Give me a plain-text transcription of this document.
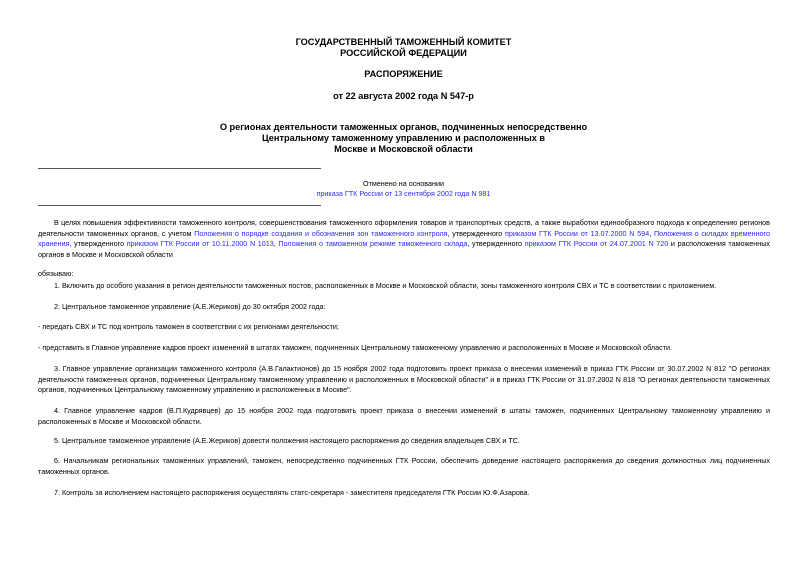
ГОСУДАРСТВЕННЫЙ ТАМОЖЕННЫЙ КОМИТЕТ
РОССИЙСКОЙ ФЕДЕРАЦИИ
РАСПОРЯЖЕНИЕ
от 22 августа 2002 года N 547-р
О регионах деятельности таможенных органов, подчиненных непосредственно
Центральному таможенному управлению и расположенных в
Москве и Московской области
Отменено на основании
приказа ГТК России от 13 сентября 2002 года N 981

В целях повышения эффективности таможенного контроля, совершенствования таможенного оформления товаров и транспортных средств, а также выработки единообразного подхода к определению регионов деятельности таможенных органов, с учетом Положения о порядке создания и обозначения зон таможенного контроля, утвержденного приказом ГТК России от 13.07.2000 N 594, Положения о складах временного хранения, утвержденного приказом ГТК России от 10.11.2000 N 1013, Положения о таможенном режиме таможенного склада, утвержденного приказом ГТК России от 24.07.2001 N 720 и расположения таможенных органов в Москве и Московской области

обязываю:

1. Включить до особого указания в регион деятельности таможенных постов, расположенных в Москве и Московской области, зоны таможенного контроля СВХ и ТС в соответствии с приложением.

2. Центральное таможенное управление (А.Е.Жериков) до 30 октября 2002 года:

- передать СВХ и ТС под контроль таможен в соответствии с их регионами деятельности;

- представить в Главное управление кадров проект изменений в штатах таможен, подчиненных Центральному таможенному управлению и расположенных в Москве и Московской области.

3. Главное управление организации таможенного контроля (А.В.Галактионов) до 15 ноября 2002 года подготовить проект приказа о внесении изменений в приказ ГТК России от 30.07.2002 N 812 "О регионах деятельности таможенных органов, подчиненных Центральному таможенному управлению и расположенных в Московской области" и в приказ ГТК России от 31.07.2002 N 818 "О регионах деятельности таможенных органов, подчиненных Центральному таможенному управлению и расположенных в Москве".

4. Главное управление кадров (В.П.Кудрявцев) до 15 ноября 2002 года подготовить проект приказа о внесении изменений в штаты таможен, подчиненных Центральному таможенному управлению и расположенных в Москве и Московской области.

5. Центральное таможенное управление (А.Е.Жериков) довести положения настоящего распоряжения до сведения владельцев СВХ и ТС.

6. Начальникам региональных таможенных управлений, таможен, непосредственно подчиненных ГТК России, обеспечить доведение настоящего распоряжения до сведения должностных лиц подчиненных таможенных органов.

7. Контроль за исполнением настоящего распоряжения осуществлять статс-секретаря - заместителя председателя ГТК России Ю.Ф.Азарова.
